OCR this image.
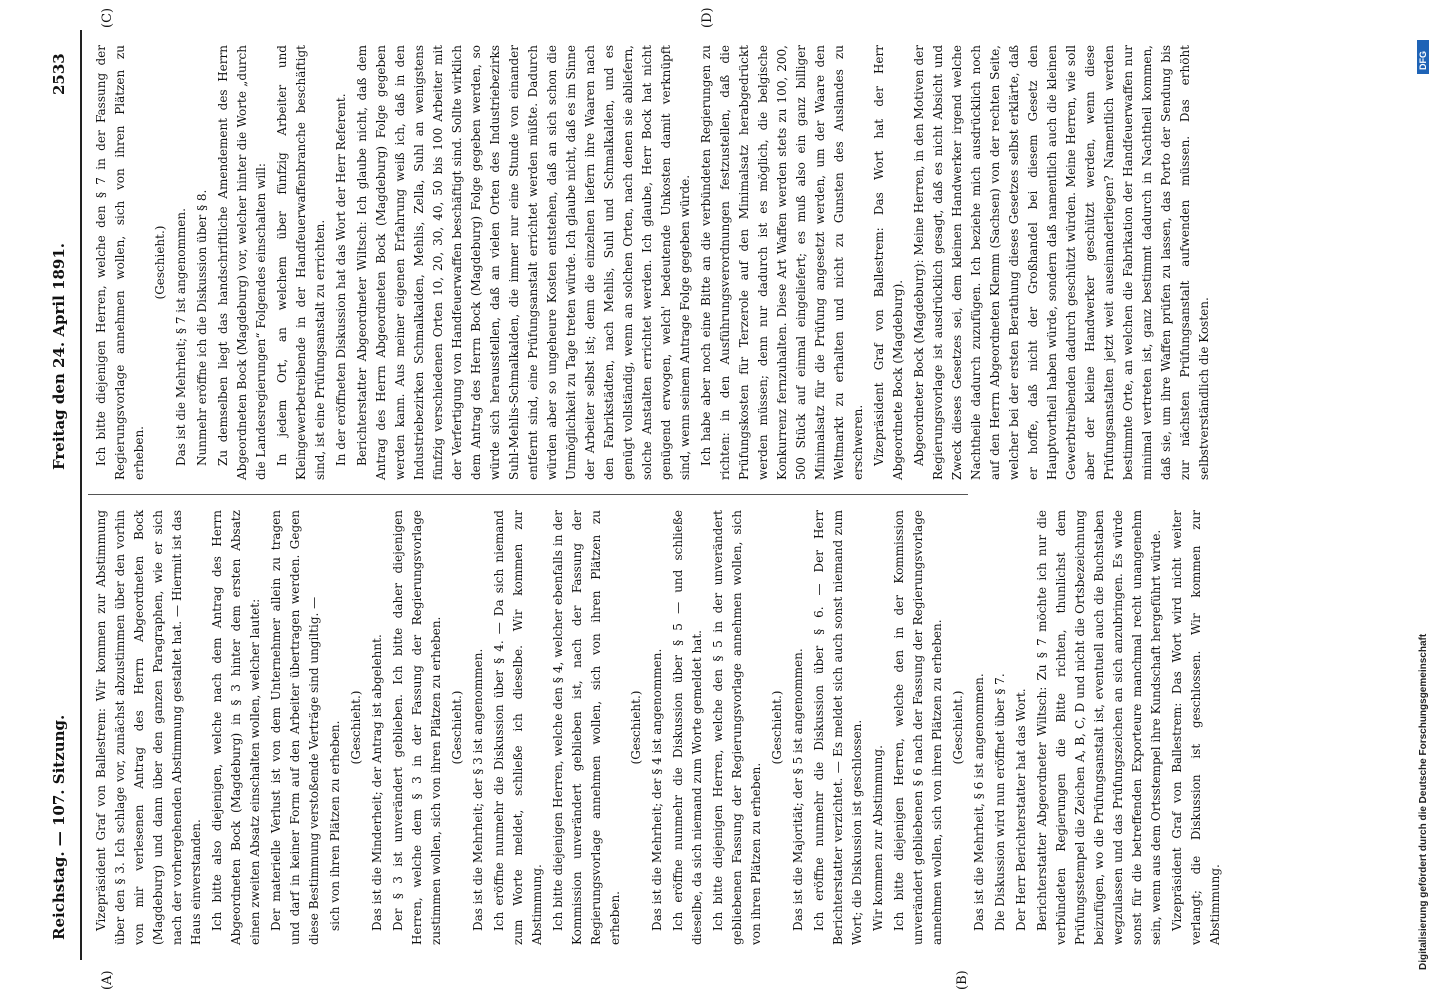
Reichstag. — 107. Sitzung.
Freitag den 24. April 1891.
2533
(A)	(B)
(C)	(D)

Vizepräsident Graf von Ballestrem: Wir kommen zur Abstimmung über den § 3. Ich schlage vor, zunächst abzustimmen über den vorhin von mir verlesenen Antrag des Herrn Abgeordneten Bock (Magdeburg) und dann über den ganzen Paragraphen, wie er sich nach der vorhergehenden Abstimmung gestaltet hat. — Hiermit ist das Haus einverstanden. Ich bitte also diejenigen, welche nach dem Antrag des Herrn Abgeordneten Bock (Magdeburg) in § 3 hinter dem ersten Absatz einen zweiten Absatz einschalten wollen, welcher lautet: Der materielle Verlust ist von dem Unternehmer allein zu tragen und darf in keiner Form auf den Arbeiter übertragen werden. Gegen diese Bestimmung verstoßende Verträge sind ungiltig. — sich von ihren Plätzen zu erheben. (Geschieht.) Das ist die Minderheit; der Antrag ist abgelehnt. Der § 3 ist unverändert geblieben. Ich bitte daher diejenigen Herren, welche dem § 3 in der Fassung der Regierungsvorlage zustimmen wollen, sich von ihren Plätzen zu erheben. (Geschieht.) Das ist die Mehrheit; der § 3 ist angenommen. Ich eröffne nunmehr die Diskussion über § 4. — Da sich niemand zum Worte meldet, schließe ich dieselbe. Wir kommen zur Abstimmung. Ich bitte diejenigen Herren, welche den § 4, welcher ebenfalls in der Kommission unverändert geblieben ist, nach der Fassung der Regierungsvorlage annehmen wollen, sich von ihren Plätzen zu erheben.

(Geschieht.) Das ist die Mehrheit; der § 4 ist angenommen. Ich eröffne nunmehr die Diskussion über § 5 — und schließe dieselbe, da sich niemand zum Worte gemeldet hat. Ich bitte diejenigen Herren, welche den § 5 in der unverändert gebliebenen Fassung der Regierungsvorlage annehmen wollen, sich von ihren Plätzen zu erheben.

(Geschieht.) Das ist die Majorität; der § 5 ist angenommen. Ich eröffne nunmehr die Diskussion über § 6. — Der Herr Berichterstatter verzichtet. — Es meldet sich auch sonst niemand zum Wort; die Diskussion ist geschlossen. Wir kommen zur Abstimmung. Ich bitte diejenigen Herren, welche den in der Kommission unverändert gebliebenen § 6 nach der Fassung der Regierungsvorlage annehmen wollen, sich von ihren Plätzen zu erheben. (Geschieht.) Das ist die Mehrheit, § 6 ist angenommen. Die Diskussion wird nun eröffnet über § 7. Der Herr Berichterstatter hat das Wort. Berichterstatter Abgeordneter Wiltsch: Zu § 7 möchte ich nur die verbündeten Regierungen die Bitte richten, thunlichst dem Prüfungsstempel die Zeichen A, B, C, D und nicht die Ortsbezeichnung beizufügen, wo die Prüfungsanstalt ist, eventuell auch die Buchstaben wegzulassen und das Prüfungszeichen an sich anzubringen. Es würde sonst für die betreffenden Exporteure manchmal recht unangenehm sein, wenn aus dem Ortsstempel ihre Kundschaft hergeführt würde. Vizepräsident Graf von Ballestrem: Das Wort wird nicht weiter verlangt; die Diskussion ist geschlossen. Wir kommen zur Abstimmung.

Ich bitte diejenigen Herren, welche den § 7 in der Fassung der Regierungsvorlage annehmen wollen, sich von ihren Plätzen zu erheben.

(Geschieht.) Das ist die Mehrheit; § 7 ist angenommen. Nunmehr eröffne ich die Diskussion über § 8. Zu demselben liegt das handschriftliche Amendement des Herrn Abgeordneten Bock (Magdeburg) vor, welcher hinter die Worte „durch die Landesregierungen“ Folgendes einschalten will: In jedem Ort, an welchem über fünfzig Arbeiter und Kleingewerbetreibende in der Handfeuerwaffenbranche beschäftigt sind, ist eine Prüfungsanstalt zu errichten. In der eröffneten Diskussion hat das Wort der Herr Referent. Berichterstatter Abgeordneter Wiltsch: Ich glaube nicht, daß dem Antrag des Herrn Abgeordneten Bock (Magdeburg) Folge gegeben werden kann. Aus meiner eigenen Erfahrung weiß ich, daß in den Industriebezirken Schmalkalden, Mehlis, Zella, Suhl an wenigstens fünfzig verschiedenen Orten 10, 20, 30, 40, 50 bis 100 Arbeiter mit der Verfertigung von Handfeuerwaffen beschäftigt sind. Sollte wirklich dem Antrag des Herrn Bock (Magdeburg) Folge gegeben werden, so würde sich herausstellen, daß an vielen Orten des Industriebezirks Suhl-Mehlis-Schmalkalden, die immer nur eine Stunde von einander entfernt sind, eine Prüfungsanstalt errichtet werden müßte. Dadurch würden aber so ungeheure Kosten entstehen, daß an sich schon die Unmöglichkeit zu Tage treten würde. Ich glaube nicht, daß es im Sinne der Arbeiter selbst ist; denn die einzelnen liefern ihre Waaren nach den Fabrikstädten, nach Mehlis, Suhl und Schmalkalden, und es genügt vollständig, wenn an solchen Orten, nach denen sie abliefern, solche Anstalten errichtet werden. Ich glaube, Herr Bock hat nicht genügend erwogen, welch' bedeutende Unkosten damit verknüpft sind, wenn seinem Antrage Folge gegeben würde. Ich habe aber noch eine Bitte an die verbündeten Regierungen zu richten: in den Ausführungsverordnungen festzustellen, daß die Prüfungskosten für Terzerole auf den Minimalsatz herabgedrückt werden müssen; denn nur dadurch ist es möglich, die belgische Konkurrenz fernzuhalten. Diese Art Waffen werden stets zu 100, 200, 500 Stück auf einmal eingeliefert; es muß also ein ganz billiger Minimalsatz für die Prüfung angesetzt werden, um der Waare den Weltmarkt zu erhalten und nicht zu Gunsten des Auslandes zu erschweren. Vizepräsident Graf von Ballestrem: Das Wort hat der Herr Abgeordnete Bock (Magdeburg). Abgeordneter Bock (Magdeburg): Meine Herren, in den Motiven der Regierungsvorlage ist ausdrücklich gesagt, daß es nicht Absicht und Zweck dieses Gesetzes sei, dem kleinen Handwerker irgend welche Nachtheile dadurch zuzufügen. Ich beziehe mich ausdrücklich noch auf den Herrn Abgeordneten Klemm (Sachsen) von der rechten Seite, welcher bei der ersten Berathung dieses Gesetzes selbst erklärte, daß er hoffe, daß nicht der Großhandel bei diesem Gesetz den Hauptvortheil haben würde, sondern daß namentlich auch die kleinen Gewerbtreibenden dadurch geschützt würden. Meine Herren, wie soll aber der kleine Handwerker geschützt werden, wenn diese Prüfungsanstalten jetzt weit auseinanderliegen? Namentlich werden bestimmte Orte, an welchen die Fabrikation der Handfeuerwaffen nur minimal vertreten ist, ganz bestimmt dadurch in Nachtheil kommen, daß sie, um ihre Waffen prüfen zu lassen, das Porto der Sendung bis zur nächsten Prüfungsanstalt aufwenden müssen. Das erhöht selbstverständlich die Kosten.

Digitalisierung gefördert durch die Deutsche Forschungsgemeinschaft
DFG
